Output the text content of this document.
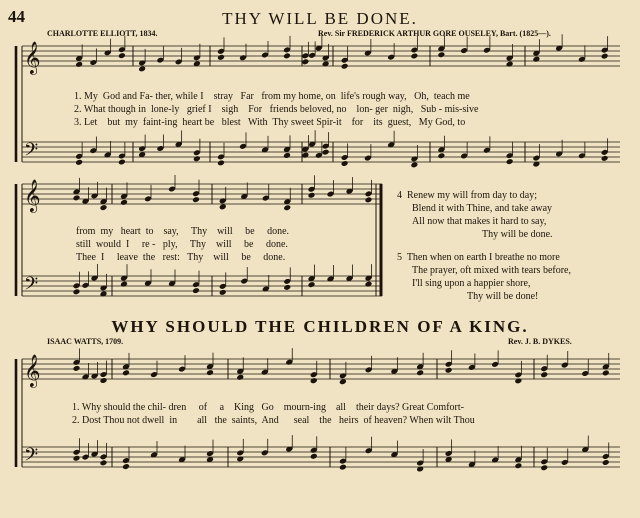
𝄞
𝄢
𝄞
𝄢
𝄞
𝄢
44	THY WILL BE DONE.
CHARLOTTE ELLIOTT, 1834.	Rev. Sir FREDERICK ARTHUR GORE OUSELEY, Bart. (1825—).
1. My  God and Fa- ther, while I    stray   Far   from my home, on  life's rough way,   Oh,  teach me
2. What though in  lone-ly   grief I    sigh    For   friends beloved, no    lon- ger  nigh,   Sub - mis-sive
3. Let    but  my  faint-ing  heart be   blest   With  Thy sweet Spir-it    for    its  guest,   My God, to
from  my   heart  to    say,     Thy    will     be     done.
still  would  I     re -   ply,     Thy    will     be     done.
Thee  I     leave  the   rest:   Thy    will     be     done.
4  Renew my will from day to day;
Blend it with Thine, and take away
All now that makes it hard to say,
Thy will be done.
5  Then when on earth I breathe no more
The prayer, oft mixed with tears before,
I'll sing upon a happier shore,
Thy will be done!
WHY SHOULD THE CHILDREN OF A KING.
ISAAC WATTS, 1709.	Rev. J. B. DYKES.
1. Why should the chil- dren     of     a    King   Go    mourn-ing    all    their days? Great Comfort-
2. Dost Thou not dwell  in        all   the  saints,  And      seal    the   heirs  of heaven? When wilt Thou
